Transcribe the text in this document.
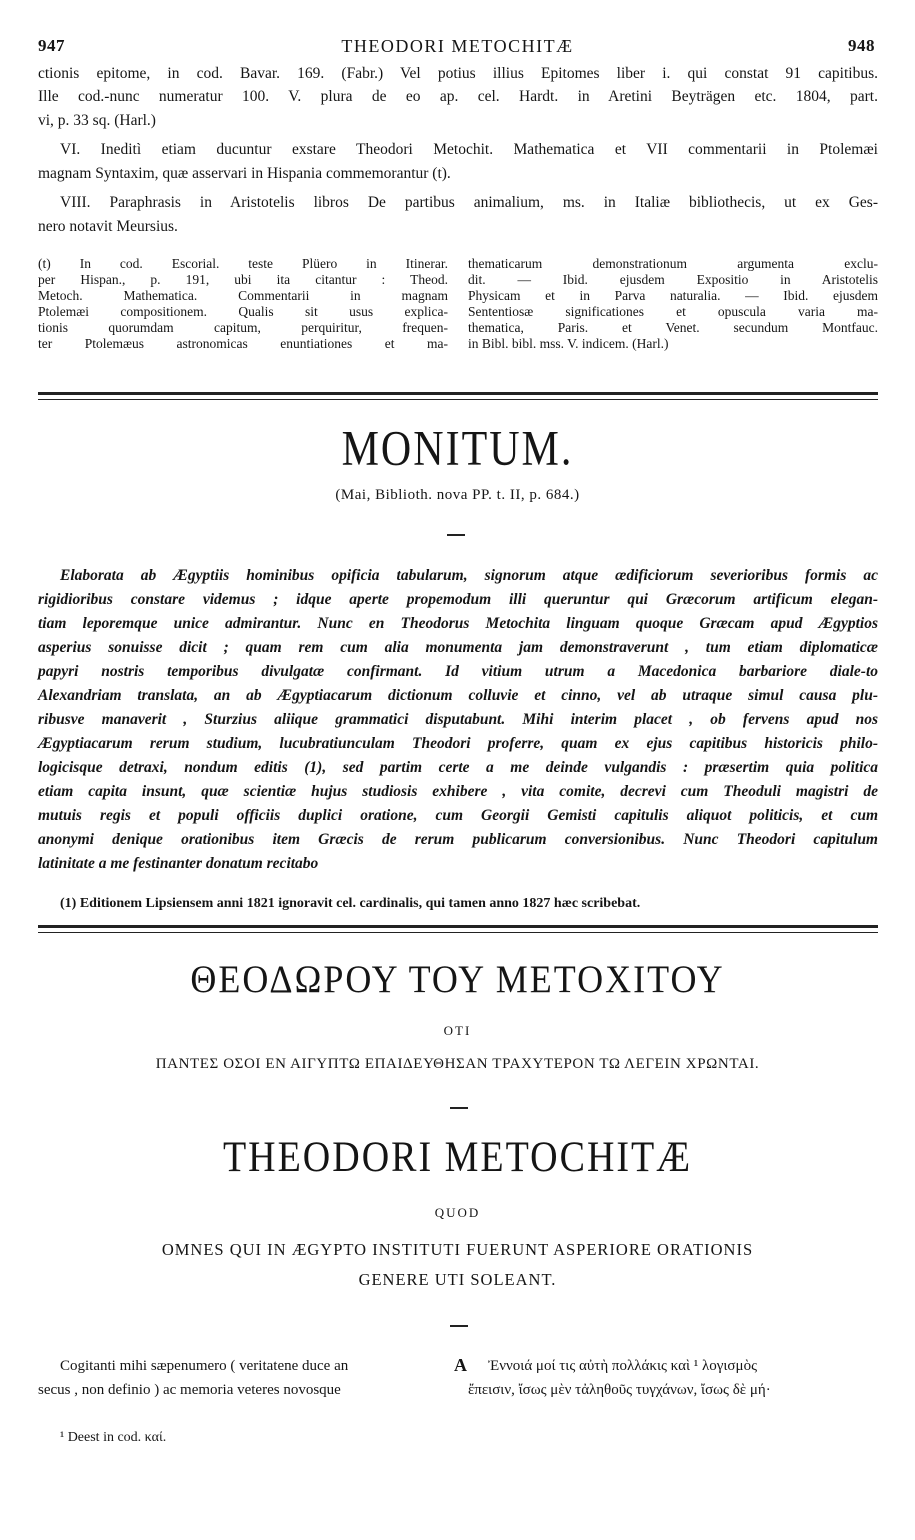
947	THEODORI METOCHITÆ	948
ctionis epitome, in cod. Bavar. 169. (Fabr.) Vel potius illius Epitomes liber i. qui constat 91 capitibus.
Ille cod.-nunc numeratur 100. V. plura de eo ap. cel. Hardt. in Aretini Beyträgen etc. 1804, part.
vi, p. 33 sq. (Harl.)
VI. Ineditì etiam ducuntur exstare Theodori Metochit. Mathematica et VII commentarii in Ptolemæi
magnam Syntaxim, quæ asservari in Hispania commemorantur (t).
VIII. Paraphrasis in Aristotelis libros De partibus animalium, ms. in Italiæ bibliothecis, ut ex Ges-
nero notavit Meursius.
(t) In cod. Escorial. teste Plüero in Itinerar.
per Hispan., p. 191, ubi ita citantur : Theod.
Metoch. Mathematica. Commentarii in magnam
Ptolemæi compositionem. Qualis sit usus explica-
tionis quorumdam capitum, perquiritur, frequen-
ter Ptolemæus astronomicas enuntiationes et ma-
thematicarum demonstrationum argumenta exclu-
dit. — Ibid. ejusdem Expositio in Aristotelis
Physicam et in Parva naturalia. — Ibid. ejusdem
Sententiosæ significationes et opuscula varia ma-
thematica, Paris. et Venet. secundum Montfauc.
in Bibl. bibl. mss. V. indicem. (Harl.)
MONITUM.
(Mai, Biblioth. nova PP. t. II, p. 684.)
Elaborata ab Ægyptiis hominibus opificia tabularum, signorum atque ædificiorum severioribus formis ac
rigidioribus constare videmus ; idque aperte propemodum illi queruntur qui Græcorum artificum elegan-
tiam leporemque unice admirantur. Nunc en Theodorus Metochita linguam quoque Græcam apud Ægyptios
asperius sonuisse dicit ; quam rem cum alia monumenta jam demonstraverunt , tum etiam diplomaticæ
papyri nostris temporibus divulgatæ confirmant. Id vitium utrum a Macedonica barbariore diale-to
Alexandriam translata, an ab Ægyptiacarum dictionum colluvie et cinno, vel ab utraque simul causa plu-
ribusve manaverit , Sturzius aliique grammatici disputabunt. Mihi interim placet , ob fervens apud nos
Ægyptiacarum rerum studium, lucubratiunculam Theodori proferre, quam ex ejus capitibus historicis philo-
logicisque detraxi, nondum editis (1), sed partim certe a me deinde vulgandis : præsertim quia politica
etiam capita insunt, quæ scientiæ hujus studiosis exhibere , vita comite, decrevi cum Theoduli magistri de
mutuis regis et populi officiis duplici oratione, cum Georgii Gemisti capitulis aliquot politicis, et cum
anonymi denique orationibus item Græcis de rerum publicarum conversionibus. Nunc Theodori capitulum
latinitate a me festinanter donatum recitabo
(1) Editionem Lipsiensem anni 1821 ignoravit cel. cardinalis, qui tamen anno 1827 hæc scribebat.
ΘΕΟΔΩΡΟΥ ΤΟΥ ΜΕΤΟΧΙΤΟΥ
ΟΤΙ
ΠΑΝΤΕΣ ΟΣΟΙ ΕΝ ΑΙΓΥΠΤΩ ΕΠΑΙΔΕΥΘΗΣΑΝ ΤΡΑΧΥΤΕΡΟΝ ΤΩ ΛΕΓΕΙΝ ΧΡΩΝΤΑΙ.
THEODORI METOCHITÆ
QUOD
OMNES QUI IN ÆGYPTO INSTITUTI FUERUNT ASPERIORE ORATIONIS
GENERE UTI SOLEANT.
Cogitanti mihi sæpenumero ( veritatene duce an
secus , non definio ) ac memoria veteres novosque
A Ἐννοιά μοί τις αὐτὴ πολλάκις καὶ ¹ λογισμὸς
ἔπεισιν, ἴσως μὲν τἀληθοῦς τυγχάνων, ἴσως δὲ μή·
¹ Deest in cod. καί.
